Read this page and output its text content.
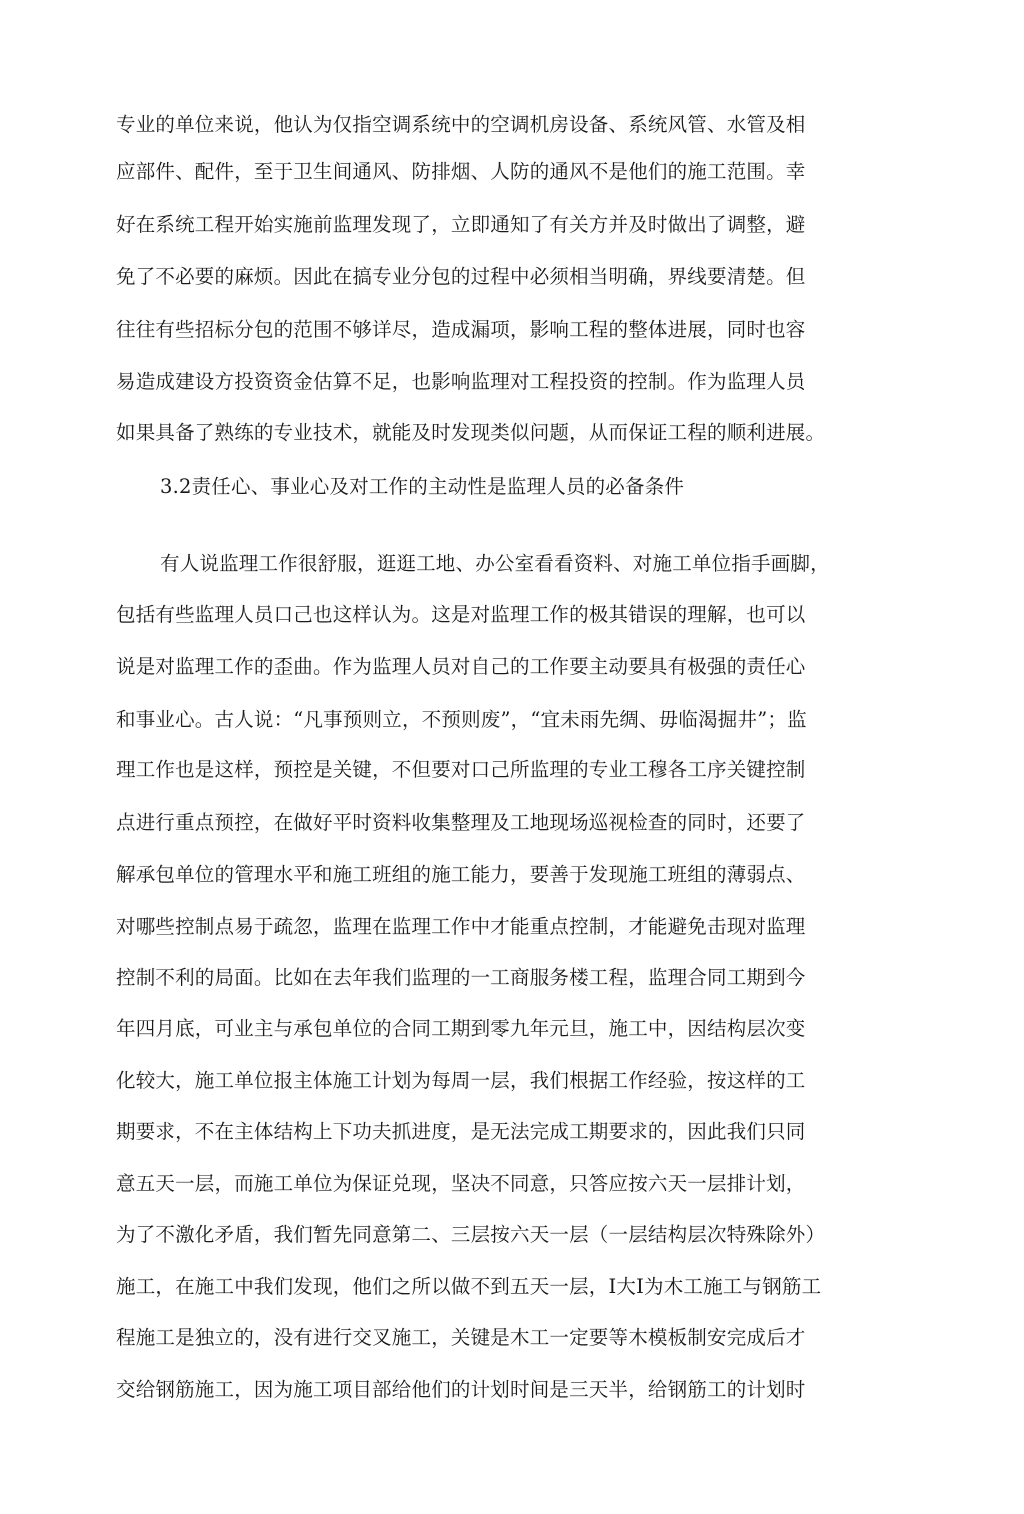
专业的单位来说，他认为仅指空调系统中的空调机房设备、系统风管、水管及相
应部件、配件，至于卫生间通风、防排烟、人防的通风不是他们的施工范围。幸
好在系统工程开始实施前监理发现了，立即通知了有关方并及时做出了调整，避
免了不必要的麻烦。因此在搞专业分包的过程中必须相当明确，界线要清楚。但
往往有些招标分包的范围不够详尽，造成漏项，影响工程的整体进展，同时也容
易造成建设方投资资金估算不足，也影响监理对工程投资的控制。作为监理人员
如果具备了熟练的专业技术，就能及时发现类似问题，从而保证工程的顺利进展。
3.2责任心、事业心及对工作的主动性是监理人员的必备条件
有人说监理工作很舒服，逛逛工地、办公室看看资料、对施工单位指手画脚，
包括有些监理人员口己也这样认为。这是对监理工作的极其错误的理解，也可以
说是对监理工作的歪曲。作为监理人员对自己的工作要主动要具有极强的责任心
和事业心。古人说：“凡事预则立，不预则废”，“宜未雨先绸、毋临渴掘井”；监
理工作也是这样，预控是关键，不但要对口己所监理的专业工穆各工序关键控制
点进行重点预控，在做好平时资料收集整理及工地现场巡视检查的同时，还要了
解承包单位的管理水平和施工班组的施工能力，要善于发现施工班组的薄弱点、
对哪些控制点易于疏忽，监理在监理工作中才能重点控制，才能避免击现对监理
控制不利的局面。比如在去年我们监理的一工商服务楼工程，监理合同工期到今
年四月底，可业主与承包单位的合同工期到零九年元旦，施工中，因结构层次变
化较大，施工单位报主体施工计划为每周一层，我们根据工作经验，按这样的工
期要求，不在主体结构上下功夫抓进度，是无法完成工期要求的，因此我们只同
意五天一层，而施工单位为保证兑现，坚决不同意，只答应按六天一层排计划，
为了不激化矛盾，我们暂先同意第二、三层按六天一层（一层结构层次特殊除外）
施工，在施工中我们发现，他们之所以做不到五天一层，I大I为木工施工与钢筋工
程施工是独立的，没有进行交叉施工，关键是木工一定要等木模板制安完成后才
交给钢筋施工，因为施工项目部给他们的计划时间是三天半，给钢筋工的计划时
